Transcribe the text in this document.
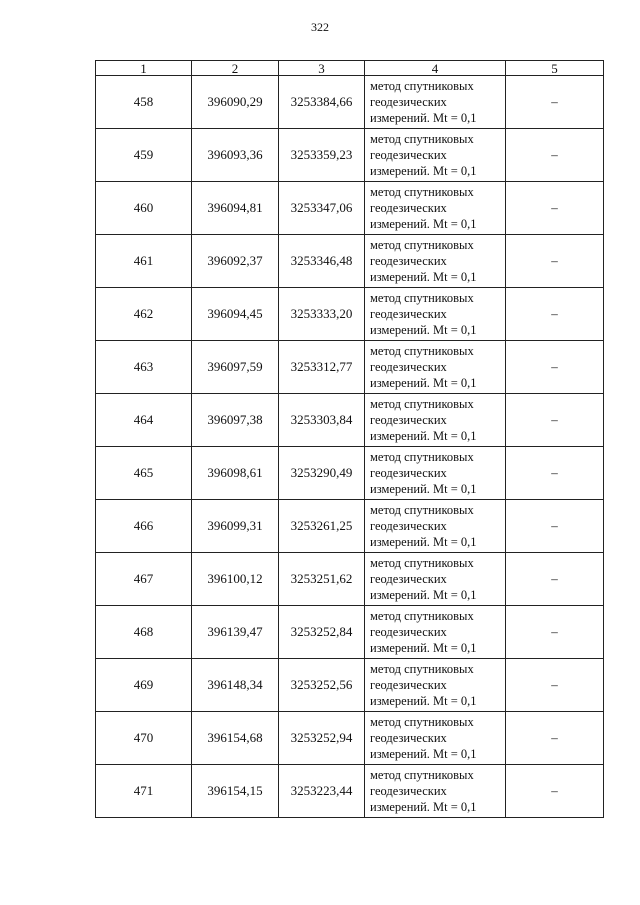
322
1	2	3	4	5
458	396090,29	3253384,66	метод спутниковых
геодезических
измерений. Mt = 0,1	–
459	396093,36	3253359,23	метод спутниковых
геодезических
измерений. Mt = 0,1	–
460	396094,81	3253347,06	метод спутниковых
геодезических
измерений. Mt = 0,1	–
461	396092,37	3253346,48	метод спутниковых
геодезических
измерений. Mt = 0,1	–
462	396094,45	3253333,20	метод спутниковых
геодезических
измерений. Mt = 0,1	–
463	396097,59	3253312,77	метод спутниковых
геодезических
измерений. Mt = 0,1	–
464	396097,38	3253303,84	метод спутниковых
геодезических
измерений. Mt = 0,1	–
465	396098,61	3253290,49	метод спутниковых
геодезических
измерений. Mt = 0,1	–
466	396099,31	3253261,25	метод спутниковых
геодезических
измерений. Mt = 0,1	–
467	396100,12	3253251,62	метод спутниковых
геодезических
измерений. Mt = 0,1	–
468	396139,47	3253252,84	метод спутниковых
геодезических
измерений. Mt = 0,1	–
469	396148,34	3253252,56	метод спутниковых
геодезических
измерений. Mt = 0,1	–
470	396154,68	3253252,94	метод спутниковых
геодезических
измерений. Mt = 0,1	–
471	396154,15	3253223,44	метод спутниковых
геодезических
измерений. Mt = 0,1	–
